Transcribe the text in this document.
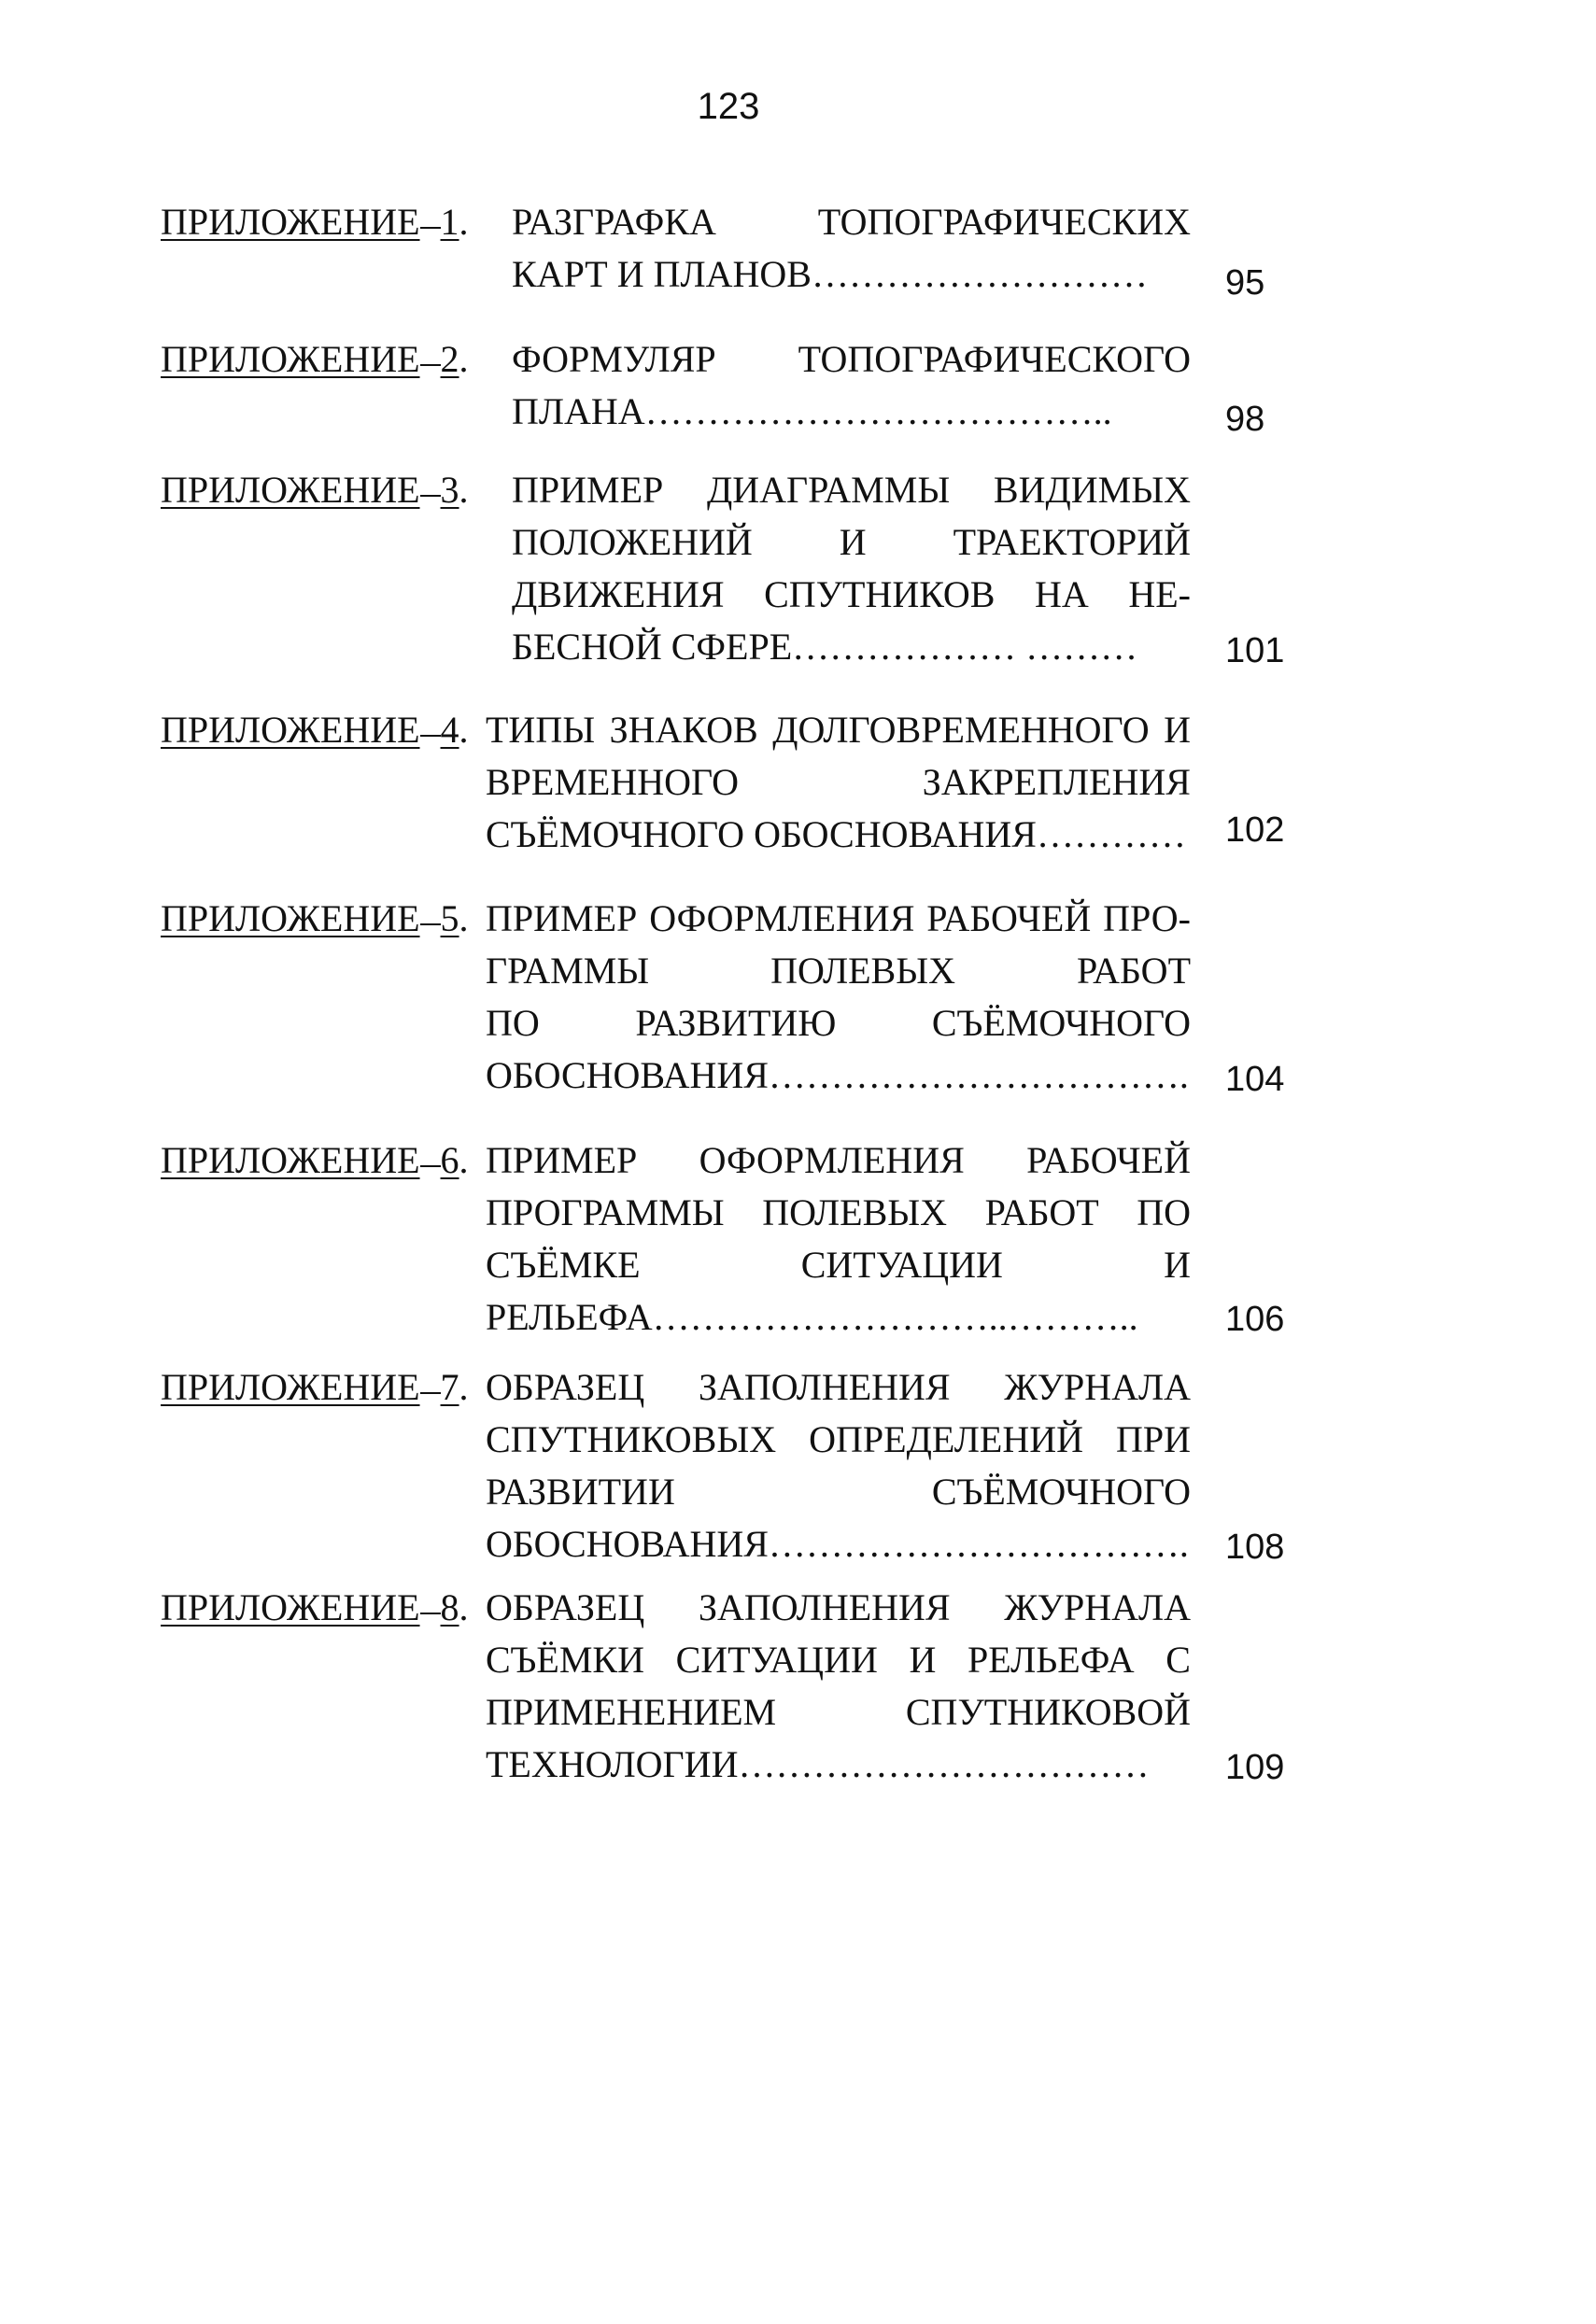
123
ПРИЛОЖЕНИЕ 1. РАЗГРАФКА ТОПОГРАФИЧЕСКИХ
КАРТ И ПЛАНОВ………………………	95
ПРИЛОЖЕНИЕ 2. ФОРМУЛЯР ТОПОГРАФИЧЕСКОГО
ПЛАНА………………………………..	98
ПРИЛОЖЕНИЕ 3. ПРИМЕР ДИАГРАММЫ ВИДИМЫХ
ПОЛОЖЕНИЙ И ТРАЕКТОРИЙ
ДВИЖЕНИЯ СПУТНИКОВ НА НЕ-
БЕСНОЙ СФЕРЕ……………… ………	101
ПРИЛОЖЕНИЕ 4. ТИПЫ ЗНАКОВ ДОЛГОВРЕМЕННОГО И
ВРЕМЕННОГО ЗАКРЕПЛЕНИЯ
СЪЁМОЧНОГО ОБОСНОВАНИЯ………… 102
ПРИЛОЖЕНИЕ 5. ПРИМЕР ОФОРМЛЕНИЯ РАБОЧЕЙ ПРО-
ГРАММЫ ПОЛЕВЫХ РАБОТ
ПО РАЗВИТИЮ СЪЁМОЧНОГО
ОБОСНОВАНИЯ……………………………. 104
ПРИЛОЖЕНИЕ 6. ПРИМЕР ОФОРМЛЕНИЯ РАБОЧЕЙ
ПРОГРАММЫ ПОЛЕВЫХ РАБОТ ПО
СЪЁМКЕ СИТУАЦИИ И
РЕЛЬЕФА………………………..………..	106
ПРИЛОЖЕНИЕ 7. ОБРАЗЕЦ ЗАПОЛНЕНИЯ ЖУРНАЛА
СПУТНИКОВЫХ ОПРЕДЕЛЕНИЙ ПРИ
РАЗВИТИИ СЪЁМОЧНОГО
ОБОСНОВАНИЯ……………………………. 108
ПРИЛОЖЕНИЕ 8. ОБРАЗЕЦ ЗАПОЛНЕНИЯ ЖУРНАЛА
СЪЁМКИ СИТУАЦИИ И РЕЛЬЕФА С
ПРИМЕНЕНИЕМ СПУТНИКОВОЙ
ТЕХНОЛОГИИ……………………………	109
